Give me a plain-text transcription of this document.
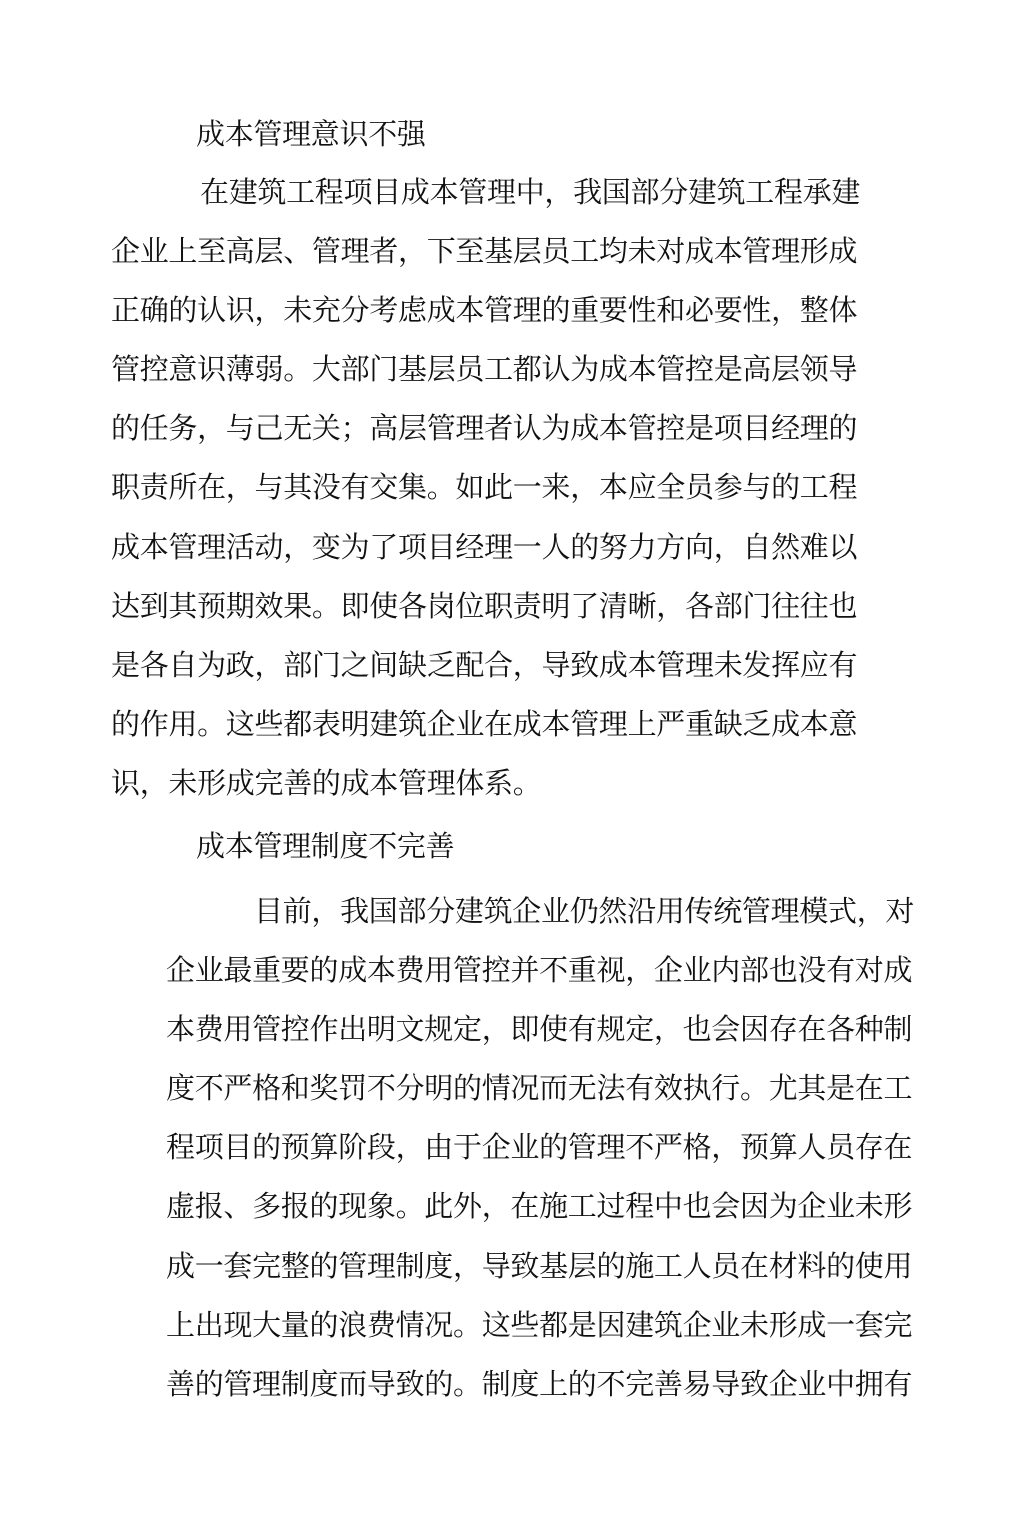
成本管理意识不强
在建筑工程项目成本管理中，我国部分建筑工程承建
企业上至高层、管理者，下至基层员工均未对成本管理形成
正确的认识，未充分考虑成本管理的重要性和必要性，整体
管控意识薄弱。大部门基层员工都认为成本管控是高层领导
的任务，与己无关；高层管理者认为成本管控是项目经理的
职责所在，与其没有交集。如此一来，本应全员参与的工程
成本管理活动，变为了项目经理一人的努力方向，自然难以
达到其预期效果。即使各岗位职责明了清晰，各部门往往也
是各自为政，部门之间缺乏配合，导致成本管理未发挥应有
的作用。这些都表明建筑企业在成本管理上严重缺乏成本意
识，未形成完善的成本管理体系。
成本管理制度不完善
目前，我国部分建筑企业仍然沿用传统管理模式，对
企业最重要的成本费用管控并不重视，企业内部也没有对成
本费用管控作出明文规定，即使有规定，也会因存在各种制
度不严格和奖罚不分明的情况而无法有效执行。尤其是在工
程项目的预算阶段，由于企业的管理不严格，预算人员存在
虚报、多报的现象。此外，在施工过程中也会因为企业未形
成一套完整的管理制度，导致基层的施工人员在材料的使用
上出现大量的浪费情况。这些都是因建筑企业未形成一套完
善的管理制度而导致的。制度上的不完善易导致企业中拥有
